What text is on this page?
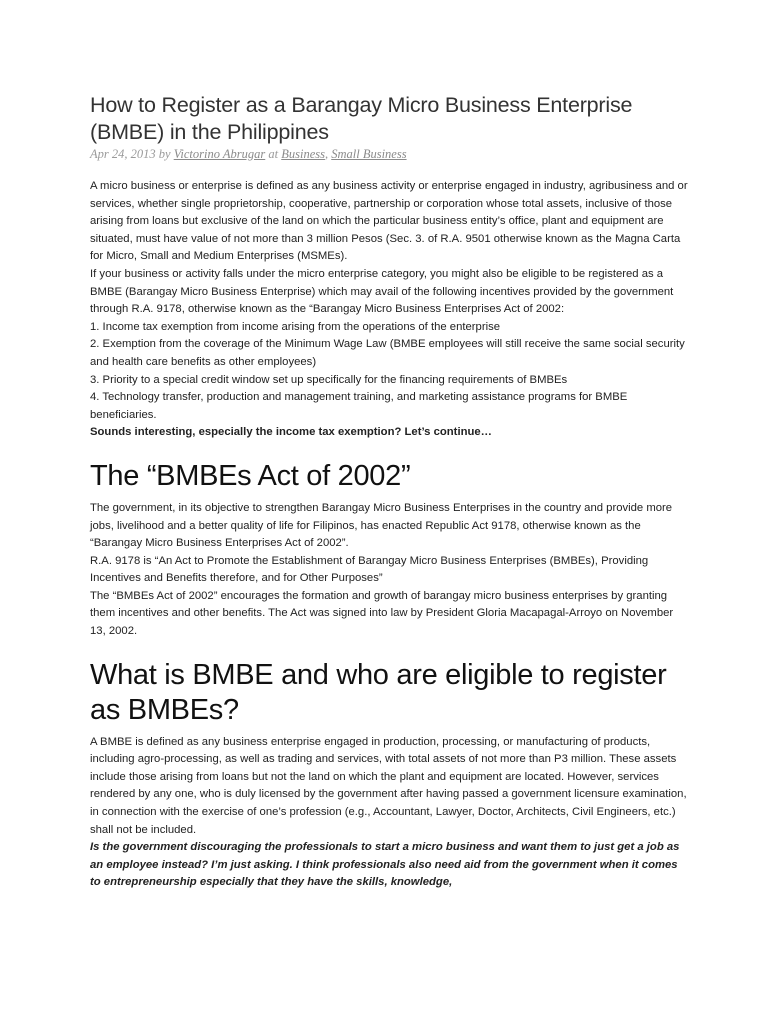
How to Register as a Barangay Micro Business Enterprise (BMBE) in the Philippines

Apr 24, 2013 by Victorino Abrugar at Business, Small Business

A micro business or enterprise is defined as any business activity or enterprise engaged in industry, agribusiness and or services, whether single proprietorship, cooperative, partnership or corporation whose total assets, inclusive of those arising from loans but exclusive of the land on which the particular business entity’s office, plant and equipment are situated, must have value of not more than 3 million Pesos (Sec. 3. of R.A. 9501 otherwise known as the Magna Carta for Micro, Small and Medium Enterprises (MSMEs).

If your business or activity falls under the micro enterprise category, you might also be eligible to be registered as a BMBE (Barangay Micro Business Enterprise) which may avail of the following incentives provided by the government through R.A. 9178, otherwise known as the “Barangay Micro Business Enterprises Act of 2002:

1. Income tax exemption from income arising from the operations of the enterprise

2. Exemption from the coverage of the Minimum Wage Law (BMBE employees will still receive the same social security and health care benefits as other employees)

3. Priority to a special credit window set up specifically for the financing requirements of BMBEs

4. Technology transfer, production and management training, and marketing assistance programs for BMBE beneficiaries.

Sounds interesting, especially the income tax exemption? Let’s continue…

The “BMBEs Act of 2002”

The government, in its objective to strengthen Barangay Micro Business Enterprises in the country and provide more jobs, livelihood and a better quality of life for Filipinos, has enacted Republic Act 9178, otherwise known as the “Barangay Micro Business Enterprises Act of 2002”.

R.A. 9178 is “An Act to Promote the Establishment of Barangay Micro Business Enterprises (BMBEs), Providing Incentives and Benefits therefore, and for Other Purposes”

The “BMBEs Act of 2002” encourages the formation and growth of barangay micro business enterprises by granting them incentives and other benefits. The Act was signed into law by President Gloria Macapagal-Arroyo on November 13, 2002.

What is BMBE and who are eligible to register as BMBEs?

A BMBE is defined as any business enterprise engaged in production, processing, or manufacturing of products, including agro-processing, as well as trading and services, with total assets of not more than P3 million. These assets include those arising from loans but not the land on which the plant and equipment are located. However, services rendered by any one, who is duly licensed by the government after having passed a government licensure examination, in connection with the exercise of one’s profession (e.g., Accountant, Lawyer, Doctor, Architects, Civil Engineers, etc.) shall not be included.

Is the government discouraging the professionals to start a micro business and want them to just get a job as an employee instead? I’m just asking. I think professionals also need aid from the government when it comes to entrepreneurship especially that they have the skills, knowledge,
